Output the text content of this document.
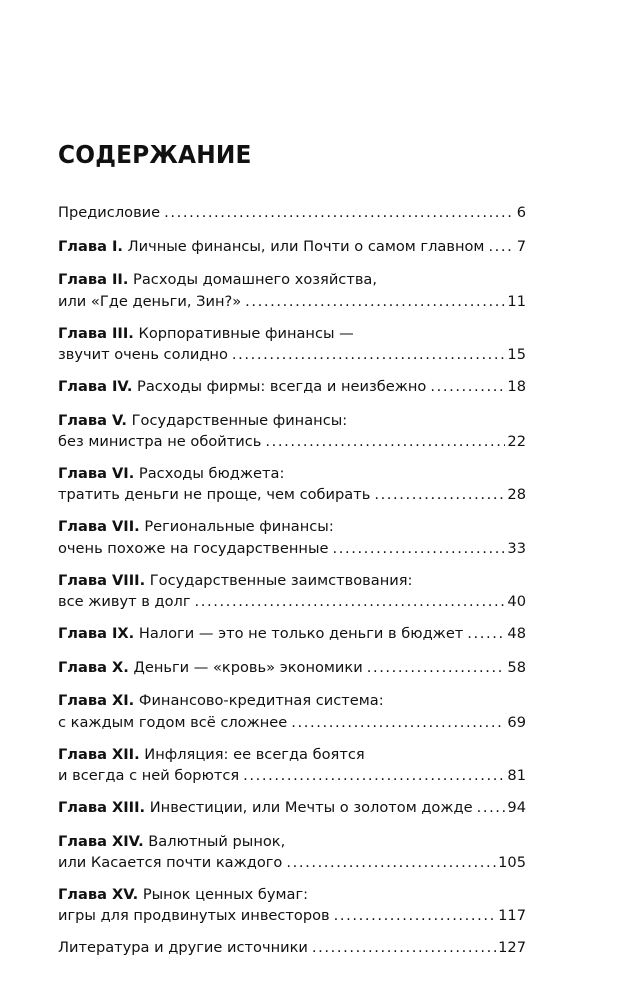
СОДЕРЖАНИЕ
Предисловие .....	6
Глава I. Личные финансы, или Почти о самом главном ..... 7
Глава II. Расходы домашнего хозяйства,
или «Где деньги, Зин?» .....	11
Глава III. Корпоративные финансы —
звучит очень солидно .....	15
Глава IV. Расходы фирмы: всегда и неизбежно .....	18
Глава V. Государственные финансы:
без министра не обойтись .....	22
Глава VI. Расходы бюджета:
тратить деньги не проще, чем собирать .....	28
Глава VII. Региональные финансы:
очень похоже на государственные .....	33
Глава VIII. Государственные заимствования:
все живут в долг .....	40
Глава IX. Налоги — это не только деньги в бюджет .....	48
Глава X. Деньги — «кровь» экономики .....	58
Глава XI. Финансово-кредитная система:
с каждым годом всё сложнее .....	69
Глава XII. Инфляция: ее всегда боятся
и всегда с ней борются .....	81
Глава XIII. Инвестиции, или Мечты о золотом дожде ..... 94
Глава XIV. Валютный рынок,
или Касается почти каждого .....	105
Глава XV. Рынок ценных бумаг:
игры для продвинутых инвесторов .....	117
Литература и другие источники .....	127
